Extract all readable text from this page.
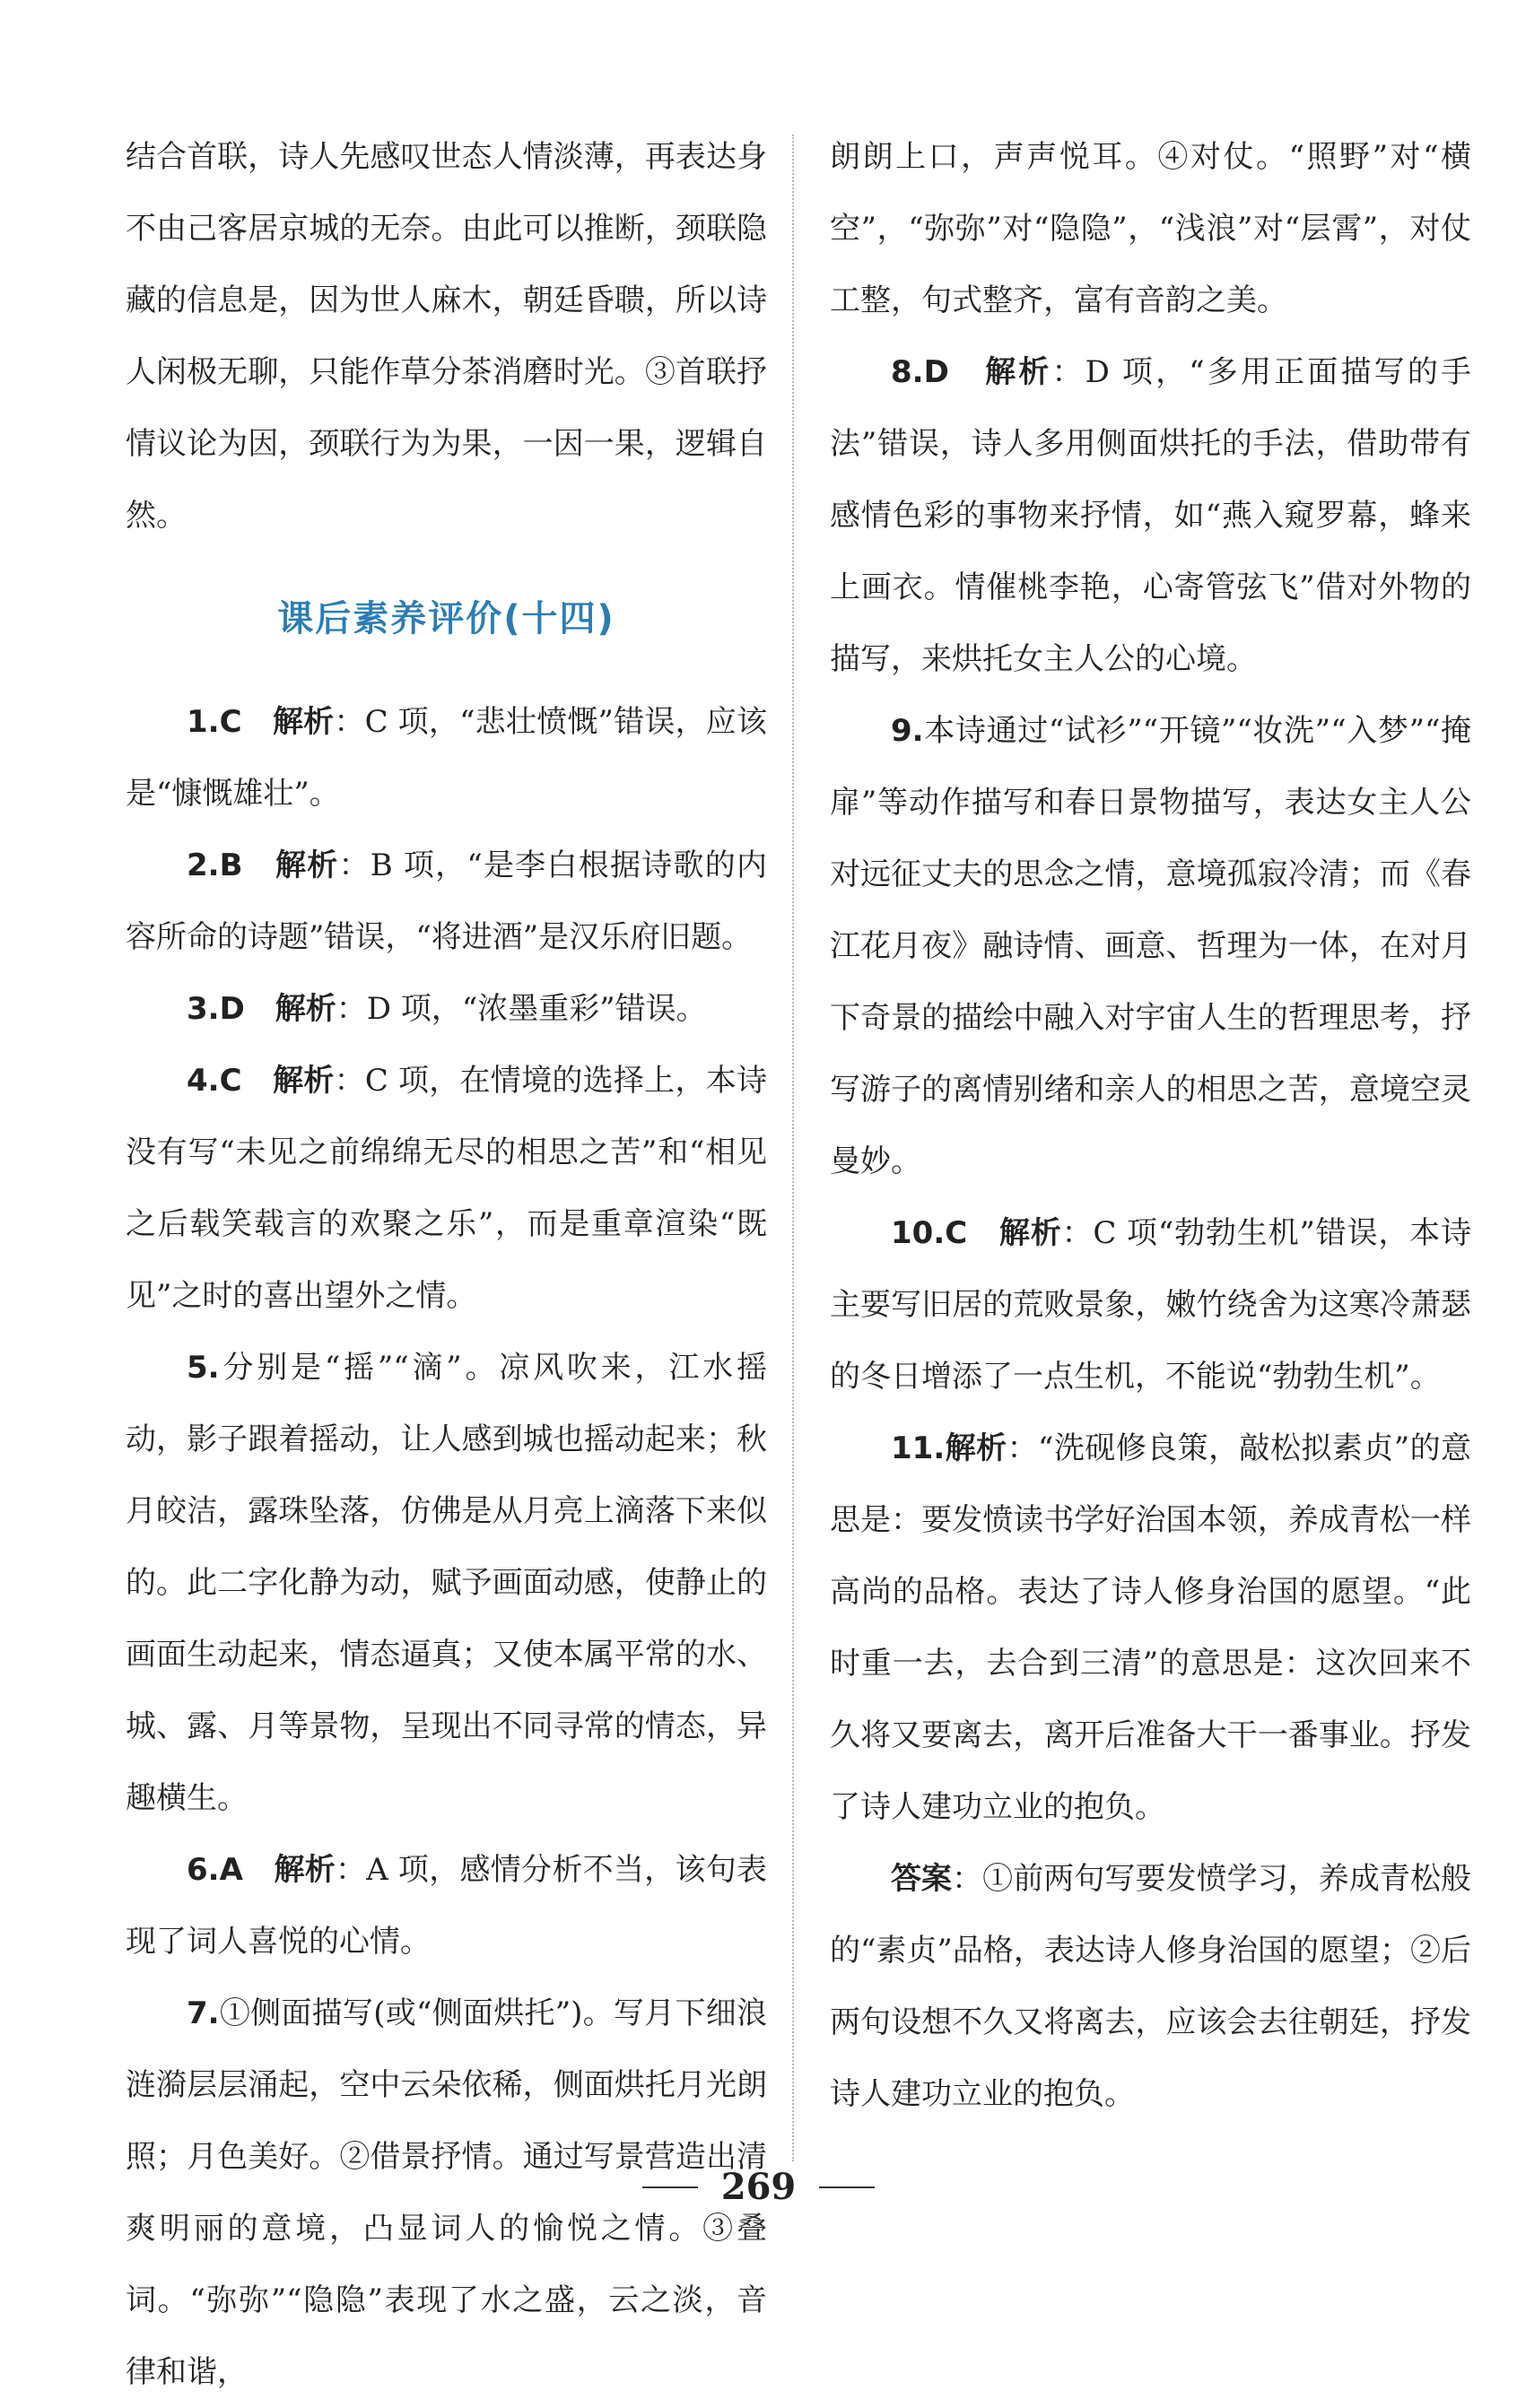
结合首联，诗人先感叹世态人情淡薄，再表达身不由己客居京城的无奈。由此可以推断，颈联隐藏的信息是，因为世人麻木，朝廷昏聩，所以诗人闲极无聊，只能作草分茶消磨时光。③首联抒情议论为因，颈联行为为果，一因一果，逻辑自然。

课后素养评价(十四)

1.C　 解析：C 项，“悲壮愤慨”错误，应该是“慷慨雄壮”。

2.B　 解析：B 项，“是李白根据诗歌的内容所命的诗题”错误，“将进酒”是汉乐府旧题。

3.D　 解析：D 项，“浓墨重彩”错误。

4.C　 解析：C 项，在情境的选择上，本诗没有写“未见之前绵绵无尽的相思之苦”和“相见之后载笑载言的欢聚之乐”，而是重章渲染“既见”之时的喜出望外之情。

5.分别是“摇”“滴”。凉风吹来，江水摇动，影子跟着摇动，让人感到城也摇动起来；秋月皎洁，露珠坠落，仿佛是从月亮上滴落下来似的。此二字化静为动，赋予画面动感，使静止的画面生动起来，情态逼真；又使本属平常的水、城、露、月等景物，呈现出不同寻常的情态，异趣横生。

6.A　 解析：A 项，感情分析不当，该句表现了词人喜悦的心情。

7.①侧面描写(或“侧面烘托”)。写月下细浪涟漪层层涌起，空中云朵依稀，侧面烘托月光朗照；月色美好。②借景抒情。通过写景营造出清爽明丽的意境，凸显词人的愉悦之情。③叠词。“弥弥”“隐隐”表现了水之盛，云之淡，音律和谐，

朗朗上口，声声悦耳。④对仗。“照野”对“横空”，“弥弥”对“隐隐”，“浅浪”对“层霄”，对仗工整，句式整齐，富有音韵之美。

8.D　 解析：D 项，“多用正面描写的手法”错误，诗人多用侧面烘托的手法，借助带有感情色彩的事物来抒情，如“燕入窥罗幕，蜂来上画衣。情催桃李艳，心寄管弦飞”借对外物的描写，来烘托女主人公的心境。

9.本诗通过“试衫”“开镜”“妆洗”“入梦”“掩扉”等动作描写和春日景物描写，表达女主人公对远征丈夫的思念之情，意境孤寂冷清；而《春江花月夜》融诗情、画意、哲理为一体，在对月下奇景的描绘中融入对宇宙人生的哲理思考，抒写游子的离情别绪和亲人的相思之苦，意境空灵曼妙。

10.C　 解析：C 项“勃勃生机”错误，本诗主要写旧居的荒败景象，嫩竹绕舍为这寒冷萧瑟的冬日增添了一点生机，不能说“勃勃生机”。

11.解析：“洗砚修良策，敲松拟素贞”的意思是：要发愤读书学好治国本领，养成青松一样高尚的品格。表达了诗人修身治国的愿望。“此时重一去，去合到三清”的意思是：这次回来不久将又要离去，离开后准备大干一番事业。抒发了诗人建功立业的抱负。

答案：①前两句写要发愤学习，养成青松般的“素贞”品格，表达诗人修身治国的愿望；②后两句设想不久又将离去，应该会去往朝廷，抒发诗人建功立业的抱负。

269
